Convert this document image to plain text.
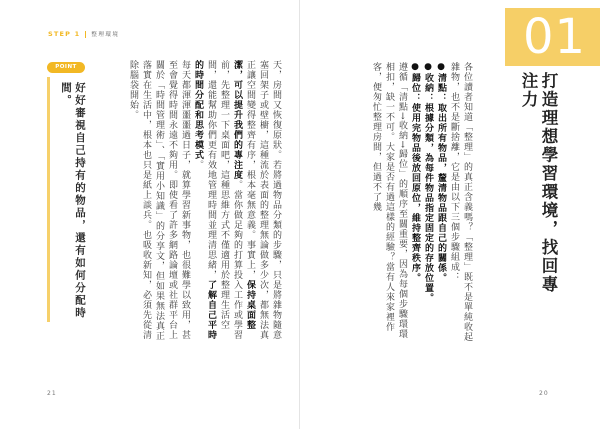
STEP 1 整理環境
POINT
好好審視自己持有的物品，還有如何分配時間。	天，房間又恢復原狀。若將過物品分類的步驟，只是將雜物隨意塞回架子或壁櫥，這種流於表面的整理無論做多少次，都無法真正讓空間變得整齊有序，根本毫無意義。事實上，保持桌面整潔，可以提升我們的專注度。當你做足夠的打算投入工作或學習前，先整理一下桌面吧，這種思維方式不僅適用於整理生活空間，還能幫助你們更有效地管理時間並理清思緒，了解自己平時的時間分配和思考模式。
每天都渾渾噩噩過日子，就算學習新事物，也很難學以致用，甚至會覺得時間永遠不夠用。即使看了許多網路論壇或社群平台上關於「時間管理術」、「實用小知識」的分享文，但如果無法真正落實在生活中，根本也只是紙上談兵。也吸收新知，必須先從清除腦袋開始。
21
各位讀者知道「整理」的真正含義嗎？「整理」既不是單純收起雜物，也不是斷捨離，它是由以下三個步驟組成：
●清點：取出所有物品，釐清物品跟自己的關係。
●收納：根據分類，為每件物品指定固定的存放位置。
●歸位：使用完物品後放回原位，維持整齊秩序。
遵循「清點→收納→歸位」的順序至關重要，因為每個步驟環環相扣，缺一不可。大家是否有過這樣的經驗？當有人來家裡作客，便匆忙整理房間，但過不了幾
01
打造理想學習環境，找回專注力
20
